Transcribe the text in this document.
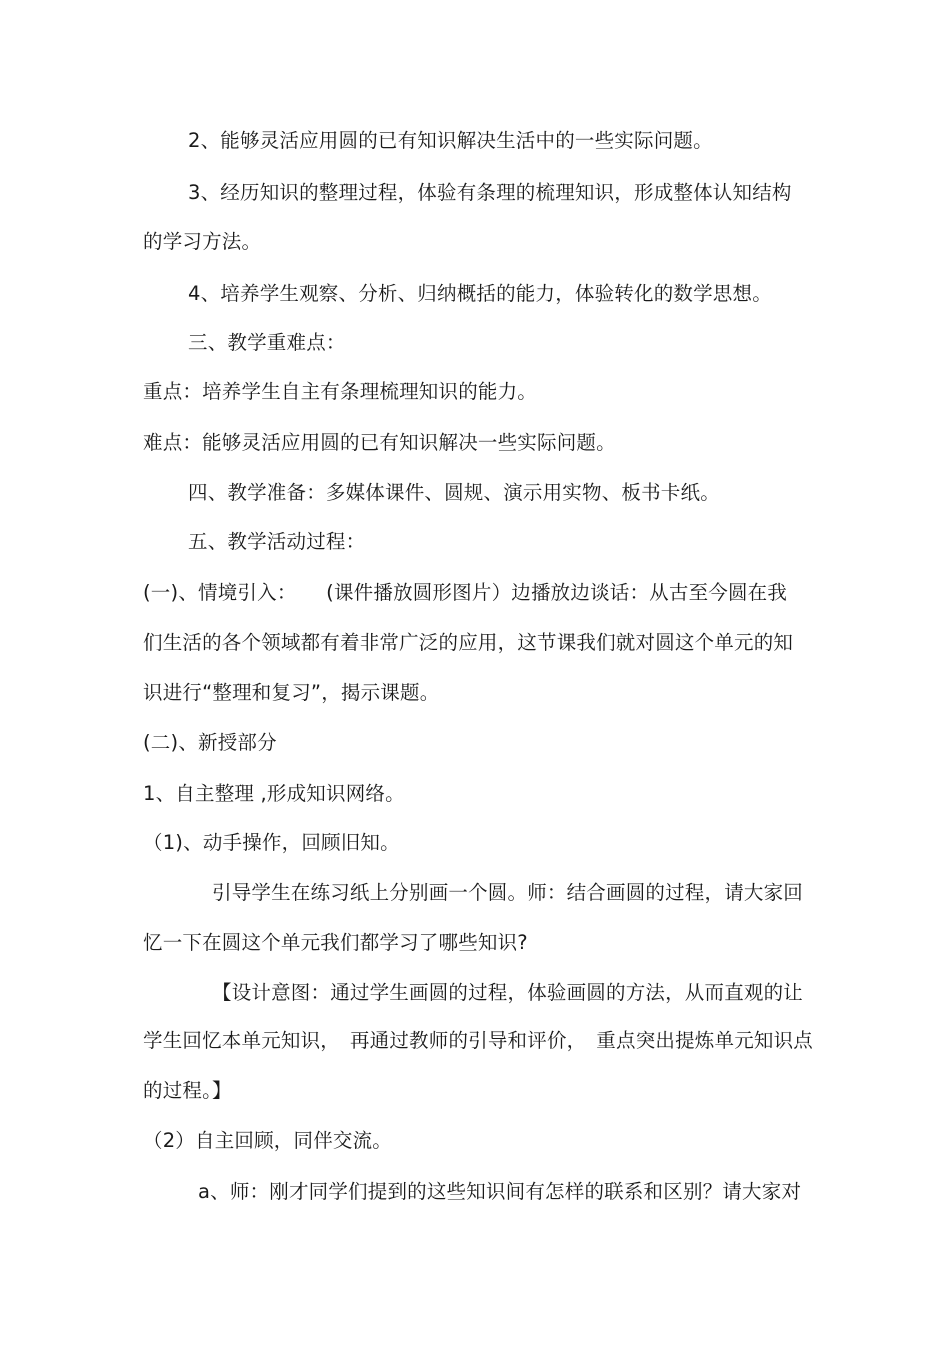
2、能够灵活应用圆的已有知识解决生活中的一些实际问题。
3、经历知识的整理过程，体验有条理的梳理知识，形成整体认知结构
的学习方法。
4、培养学生观察、分析、归纳概括的能力，体验转化的数学思想。
三、教学重难点：
重点：培养学生自主有条理梳理知识的能力。
难点：能够灵活应用圆的已有知识解决一些实际问题。
四、教学准备：多媒体课件、圆规、演示用实物、板书卡纸。
五、教学活动过程：
(一)、情境引入：　　(课件播放圆形图片）边播放边谈话：从古至今圆在我
们生活的各个领域都有着非常广泛的应用，这节课我们就对圆这个单元的知
识进行“整理和复习”，揭示课题。
(二)、新授部分
1、自主整理 ,形成知识网络。
（1)、动手操作，回顾旧知。
引导学生在练习纸上分别画一个圆。师：结合画圆的过程，请大家回
忆一下在圆这个单元我们都学习了哪些知识?
【设计意图：通过学生画圆的过程，体验画圆的方法，从而直观的让
学生回忆本单元知识，　再通过教师的引导和评价，　重点突出提炼单元知识点
的过程。】
（2）自主回顾，同伴交流。
a、师：刚才同学们提到的这些知识间有怎样的联系和区别？请大家对
